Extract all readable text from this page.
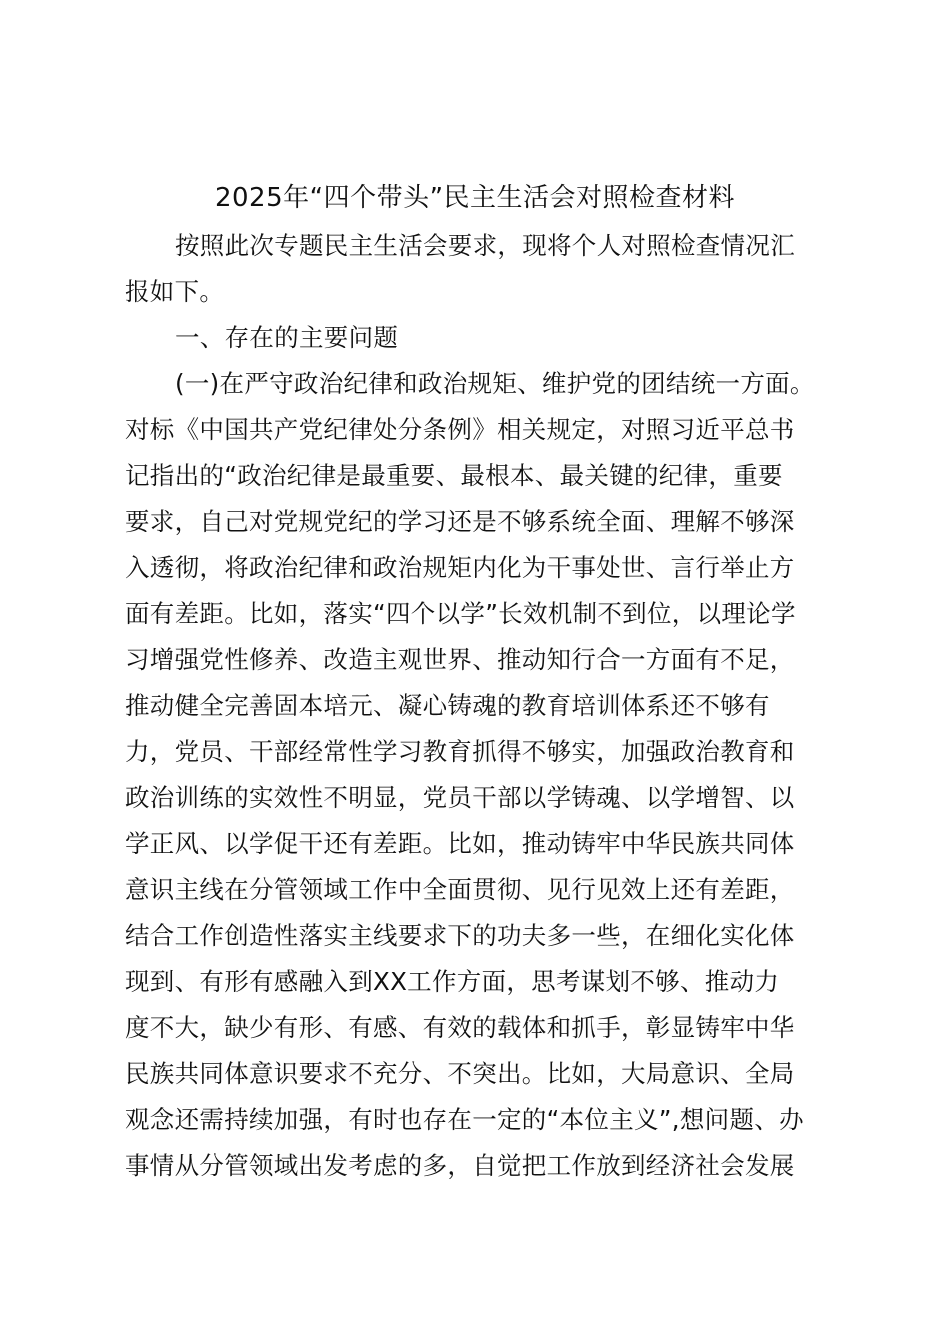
2025年“四个带头”民主生活会对照检查材料
按照此次专题民主生活会要求，现将个人对照检查情况汇
报如下。
一、存在的主要问题
(一)在严守政治纪律和政治规矩、维护党的团结统一方面。
对标《中国共产党纪律处分条例》相关规定，对照习近平总书
记指出的“政治纪律是最重要、最根本、最关键的纪律，重要
要求，自己对党规党纪的学习还是不够系统全面、理解不够深
入透彻，将政治纪律和政治规矩内化为干事处世、言行举止方
面有差距。比如，落实“四个以学”长效机制不到位，以理论学
习增强党性修养、改造主观世界、推动知行合一方面有不足，
推动健全完善固本培元、凝心铸魂的教育培训体系还不够有
力，党员、干部经常性学习教育抓得不够实，加强政治教育和
政治训练的实效性不明显，党员干部以学铸魂、以学增智、以
学正风、以学促干还有差距。比如，推动铸牢中华民族共同体
意识主线在分管领域工作中全面贯彻、见行见效上还有差距，
结合工作创造性落实主线要求下的功夫多一些，在细化实化体
现到、有形有感融入到XX工作方面，思考谋划不够、推动力
度不大，缺少有形、有感、有效的载体和抓手，彰显铸牢中华
民族共同体意识要求不充分、不突出。比如，大局意识、全局
观念还需持续加强，有时也存在一定的“本位主义”,想问题、办
事情从分管领域出发考虑的多，自觉把工作放到经济社会发展
